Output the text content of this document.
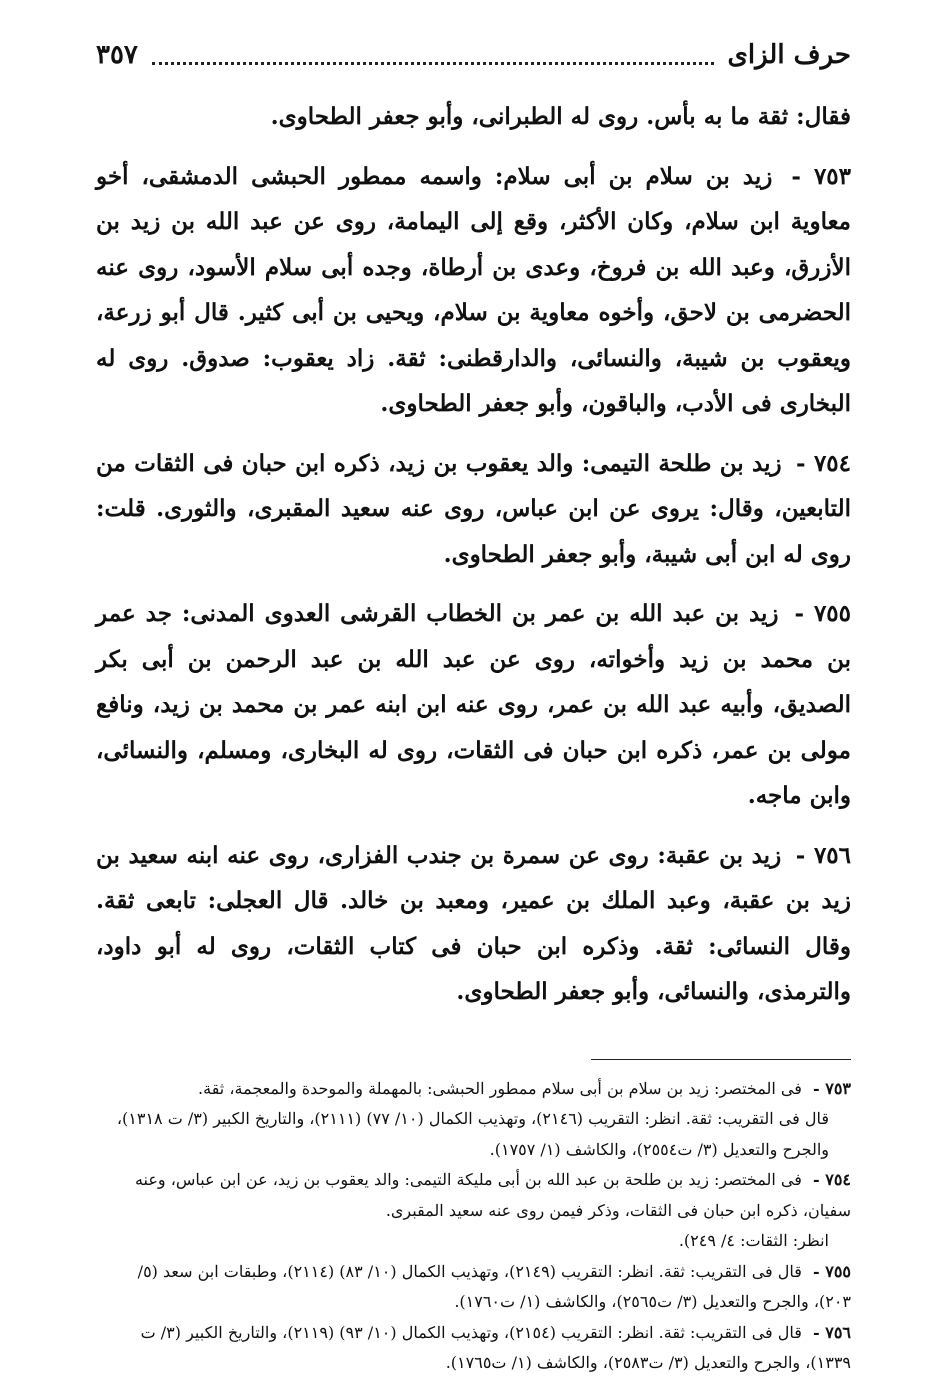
حرف الزاى
٣٥٧

فقال: ثقة ما به بأس. روى له الطبرانى، وأبو جعفر الطحاوى.

٧٥٣ - زيد بن سلام بن أبى سلام: واسمه ممطور الحبشى الدمشقى، أخو معاوية ابن سلام، وكان الأكثر، وقع إلى اليمامة، روى عن عبد الله بن زيد بن الأزرق، وعبد الله بن فروخ، وعدى بن أرطاة، وجده أبى سلام الأسود، روى عنه الحضرمى بن لاحق، وأخوه معاوية بن سلام، ويحيى بن أبى كثير. قال أبو زرعة، ويعقوب بن شيبة، والنسائى، والدارقطنى: ثقة. زاد يعقوب: صدوق. روى له البخارى فى الأدب، والباقون، وأبو جعفر الطحاوى.

٧٥٤ - زيد بن طلحة التيمى: والد يعقوب بن زيد، ذكره ابن حبان فى الثقات من التابعين، وقال: يروى عن ابن عباس، روى عنه سعيد المقبرى، والثورى. قلت: روى له ابن أبى شيبة، وأبو جعفر الطحاوى.

٧٥٥ - زيد بن عبد الله بن عمر بن الخطاب القرشى العدوى المدنى: جد عمر بن محمد بن زيد وأخواته، روى عن عبد الله بن عبد الرحمن بن أبى بكر الصديق، وأبيه عبد الله بن عمر، روى عنه ابن ابنه عمر بن محمد بن زيد، ونافع مولى بن عمر، ذكره ابن حبان فى الثقات، روى له البخارى، ومسلم، والنسائى، وابن ماجه.

٧٥٦ - زيد بن عقبة: روى عن سمرة بن جندب الفزارى، روى عنه ابنه سعيد بن زيد بن عقبة، وعبد الملك بن عمير، ومعبد بن خالد. قال العجلى: تابعى ثقة. وقال النسائى: ثقة. وذكره ابن حبان فى كتاب الثقات، روى له أبو داود، والترمذى، والنسائى، وأبو جعفر الطحاوى.

٧٥٣ - فى المختصر: زيد بن سلام بن أبى سلام ممطور الحبشى: بالمهملة والموحدة والمعجمة، ثقة.

قال فى التقريب: ثقة. انظر: التقريب (٢١٤٦)، وتهذيب الكمال (١٠/ ٧٧) (٢١١١)، والتاريخ الكبير (٣/ ت ١٣١٨)، والجرح والتعديل (٣/ ت٢٥٥٤)، والكاشف (١/ ١٧٥٧).

٧٥٤ - فى المختصر: زيد بن طلحة بن عبد الله بن أبى مليكة التيمى: والد يعقوب بن زيد، عن ابن عباس، وعنه سفيان، ذكره ابن حبان فى الثقات، وذكر فيمن روى عنه سعيد المقبرى.

انظر: الثقات: ٤/ ٢٤٩).

٧٥٥ - قال فى التقريب: ثقة. انظر: التقريب (٢١٤٩)، وتهذيب الكمال (١٠/ ٨٣) (٢١١٤)، وطبقات ابن سعد (٥/ ٢٠٣)، والجرح والتعديل (٣/ ت٢٥٦٥)، والكاشف (١/ ت١٧٦٠).

٧٥٦ - قال فى التقريب: ثقة. انظر: التقريب (٢١٥٤)، وتهذيب الكمال (١٠/ ٩٣) (٢١١٩)، والتاريخ الكبير (٣/ ت ١٣٣٩)، والجرح والتعديل (٣/ ت٢٥٨٣)، والكاشف (١/ ت١٧٦٥).
